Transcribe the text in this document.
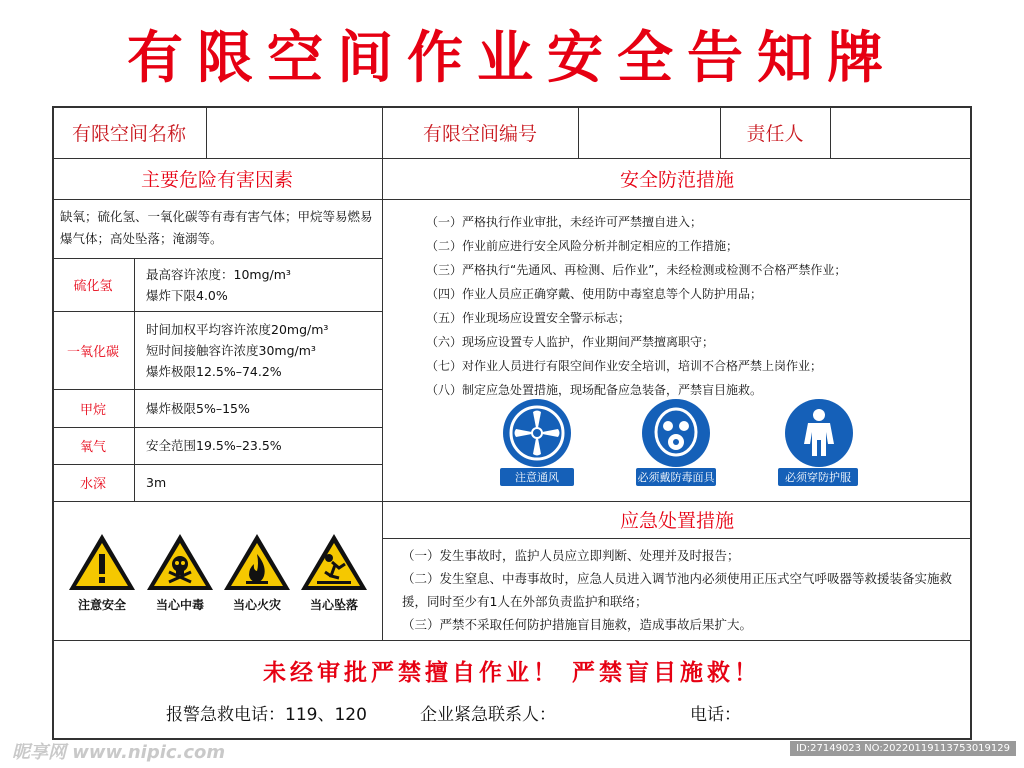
有限空间作业安全告知牌
有限空间名称	有限空间编号	责任人
主要危险有害因素	安全防范措施
缺氧；硫化氢、一氧化碳等有毒有害气体；甲烷等易燃易爆气体；高处坠落；淹溺等。
硫化氢
最高容许浓度：10mg/m³
爆炸下限4.0%
一氧化碳
时间加权平均容许浓度20mg/m³
短时间接触容许浓度30mg/m³
爆炸极限12.5%–74.2%
甲烷	爆炸极限5%–15%
氧气	安全范围19.5%–23.5%
水深	3m
（一）严格执行作业审批，未经许可严禁擅自进入；
（二）作业前应进行安全风险分析并制定相应的工作措施；
（三）严格执行“先通风、再检测、后作业”，未经检测或检测不合格严禁作业；
（四）作业人员应正确穿戴、使用防中毒窒息等个人防护用品；
（五）作业现场应设置安全警示标志；
（六）现场应设置专人监护，作业期间严禁擅离职守；
（七）对作业人员进行有限空间作业安全培训，培训不合格严禁上岗作业；
（八）制定应急处置措施，现场配备应急装备，严禁盲目施救。
注意通风	必须戴防毒面具	必须穿防护服
注意安全	当心中毒	当心火灾	当心坠落
应急处置措施
（一）发生事故时，监护人员应立即判断、处理并及时报告；
（二）发生窒息、中毒事故时，应急人员进入调节池内必须使用正压式空气呼吸器等救援装备实施救援，同时至少有1人在外部负责监护和联络；
（三）严禁不采取任何防护措施盲目施救，造成事故后果扩大。
未经审批严禁擅自作业！ 严禁盲目施救！
报警急救电话：119、120	企业紧急联系人：	电话：
昵享网 www.nipic.com	ID:27149023 NO:20220119113753019129
